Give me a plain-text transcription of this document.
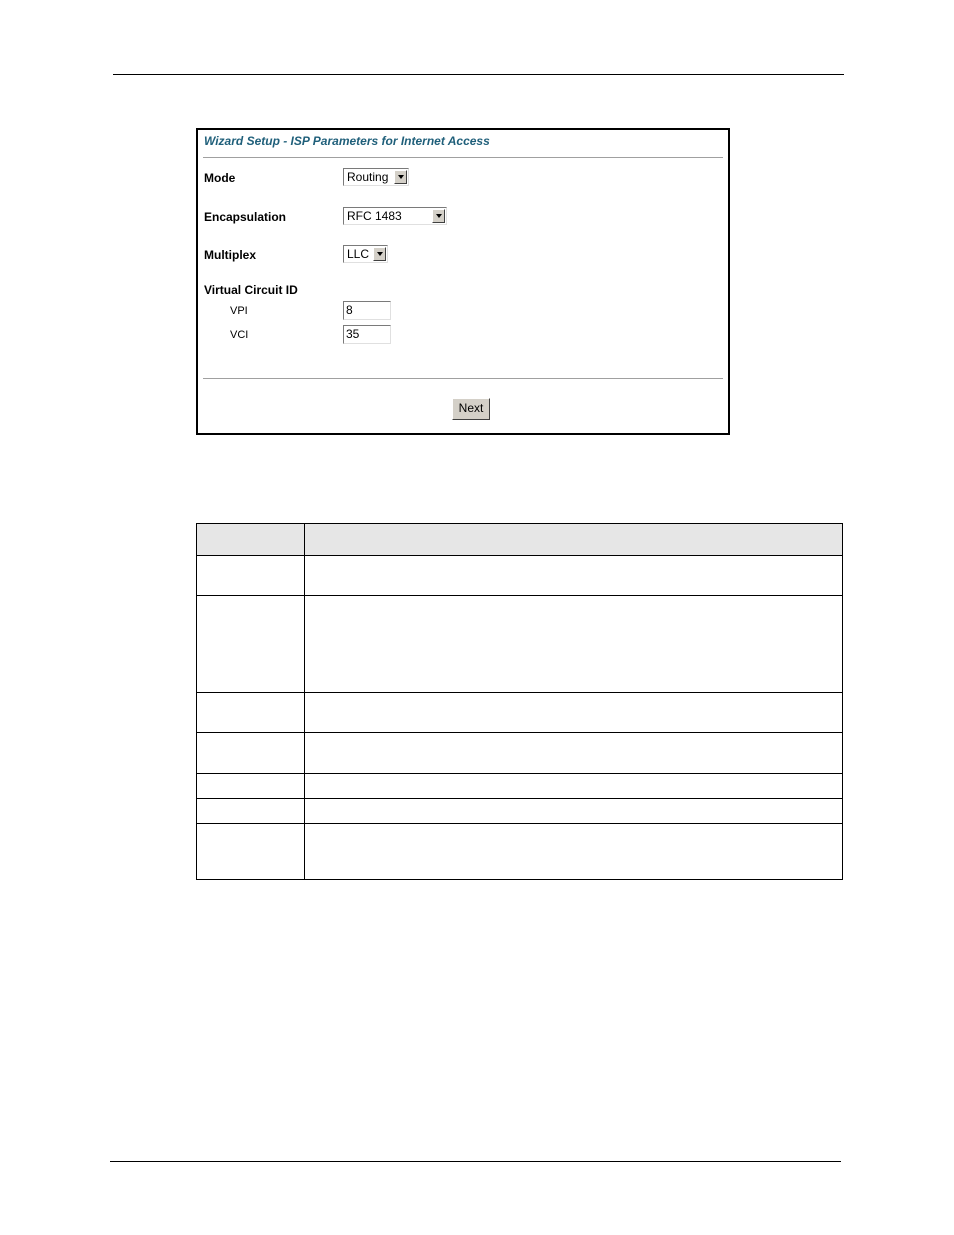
Wizard Setup - ISP Parameters for Internet Access
Mode	Routing
Encapsulation	RFC 1483
Multiplex	LLC
Virtual Circuit ID
VPI	8
VCI	35
Next
